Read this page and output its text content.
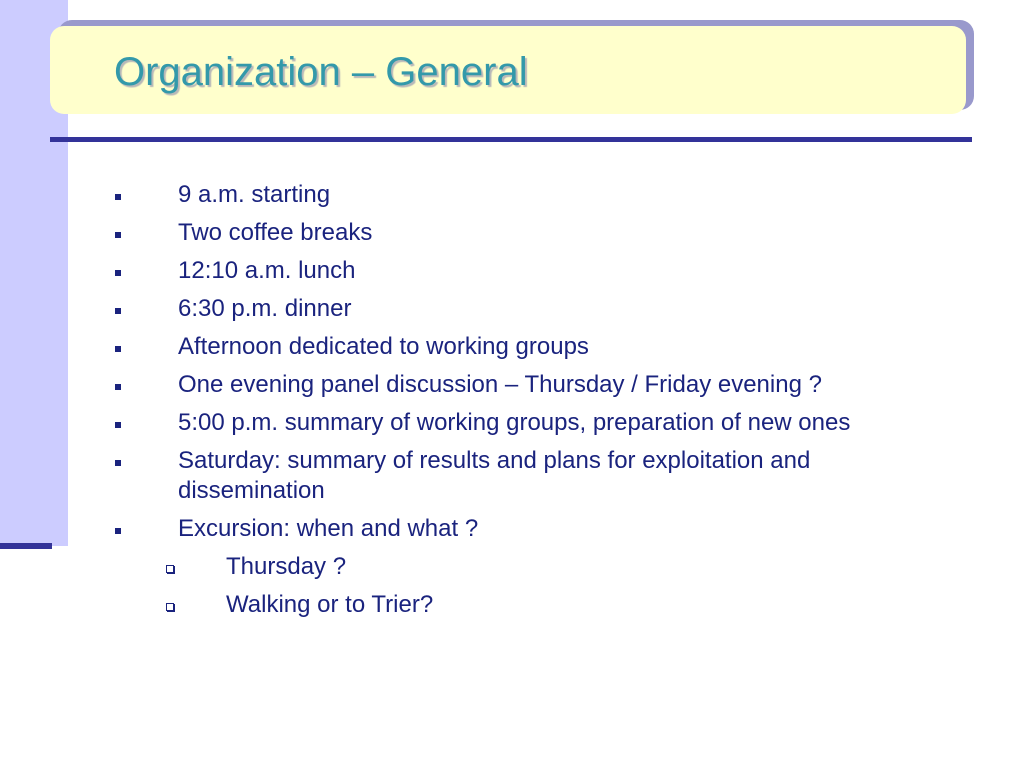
Organization – General
9 a.m. starting
Two coffee breaks
12:10 a.m. lunch
6:30 p.m. dinner
Afternoon dedicated to working groups
One evening panel discussion – Thursday / Friday evening ?
5:00 p.m. summary of working groups, preparation of new ones
Saturday: summary of results and plans for exploitation and dissemination
Excursion: when and what ?
Thursday ?
Walking or to Trier?
